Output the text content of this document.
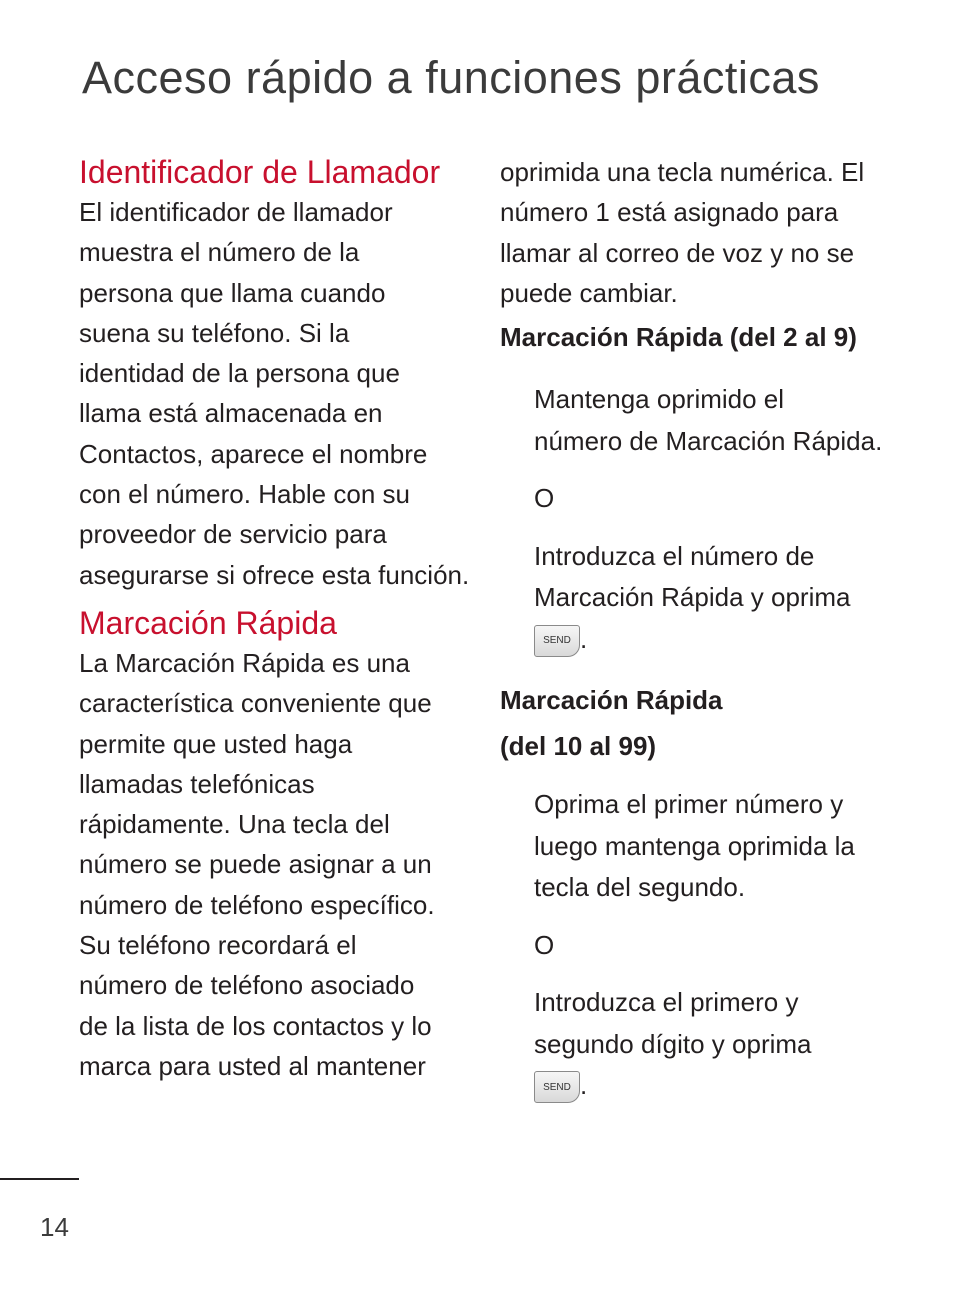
Acceso rápido a funciones prácticas
Identificador de Llamador

El identificador de llamador
muestra el número de la
persona que llama cuando
suena su teléfono. Si la
identidad de la persona que
llama está almacenada en
Contactos, aparece el nombre
con el número. Hable con su
proveedor de servicio para
asegurarse si ofrece esta función.

Marcación Rápida

La Marcación Rápida es una
característica conveniente que
permite que usted haga
llamadas telefónicas
rápidamente. Una tecla del
número se puede asignar a un
número de teléfono específico.
Su teléfono recordará el
número de teléfono asociado
de la lista de los contactos y lo
marca para usted al mantener

oprimida una tecla numérica. El
número 1 está asignado para
llamar al correo de voz y no se
puede cambiar.

Marcación Rápida (del 2 al 9)
Mantenga oprimido el
número de Marcación Rápida.
O
Introduzca el número de
Marcación Rápida y oprima
SEND .
Marcación Rápida
(del 10 al 99)
Oprima el primer número y
luego mantenga oprimida la
tecla del segundo.
O
Introduzca el primero y
segundo dígito y oprima
SEND .
14
